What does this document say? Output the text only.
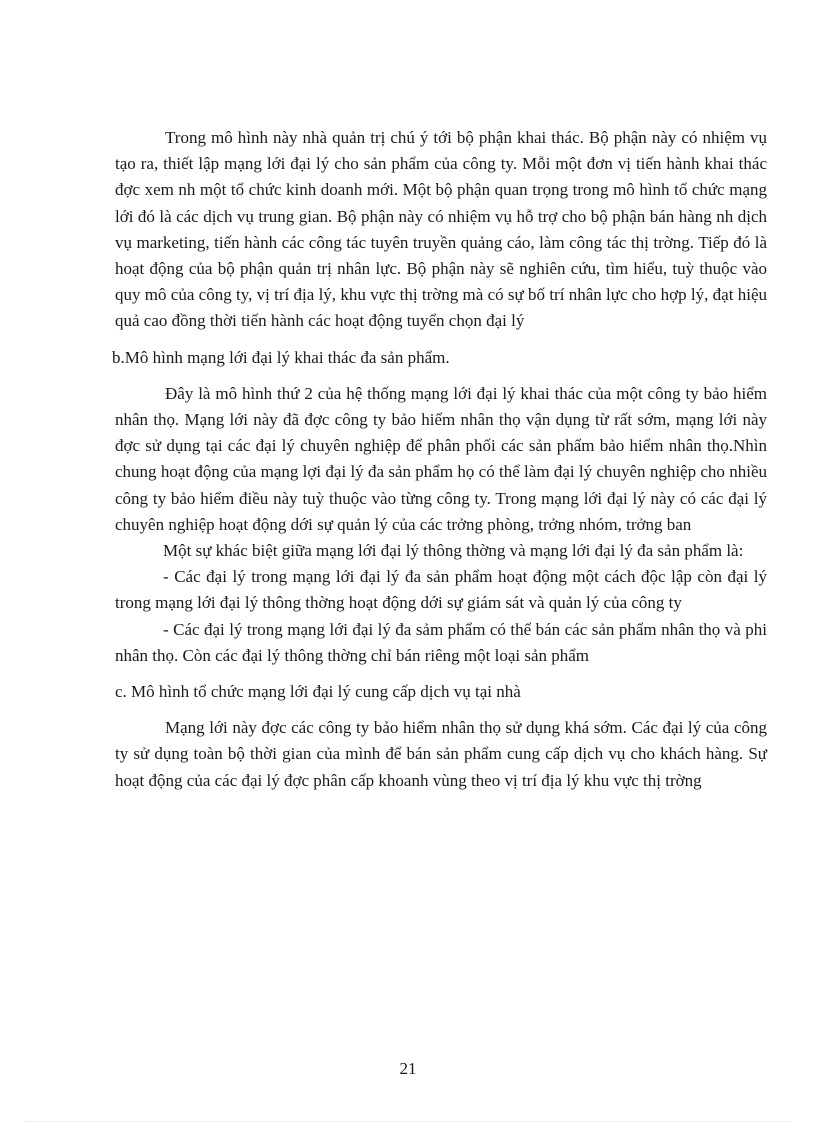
Trong mô hình này nhà quản trị chú ý tới bộ phận khai thác. Bộ phận này có nhiệm vụ tạo ra, thiết lập mạng lới đại lý cho sản phẩm của công ty. Mỗi một đơn vị tiến hành khai thác đợc xem nh một tổ chức kinh doanh mới. Một bộ phận quan trọng trong mô hình tổ chức mạng lới đó là các dịch vụ trung gian. Bộ phận này có nhiệm vụ hỗ trợ cho bộ phận bán hàng nh dịch vụ marketing, tiến hành các công tác tuyên truyền quảng cáo, làm công tác thị trờng. Tiếp đó là hoạt động của bộ phận quản trị nhân lực. Bộ phận này sẽ nghiên cứu, tìm hiểu, tuỳ thuộc vào quy mô của công ty, vị trí địa lý, khu vực thị trờng mà có sự bố trí nhân lực cho hợp lý, đạt hiệu quả cao đồng thời tiến hành các hoạt động tuyển chọn đại lý

b.Mô hình mạng lới đại lý khai thác đa sản phẩm.

Đây là mô hình thứ 2 của hệ thống mạng lới đại lý khai thác của một công ty bảo hiểm nhân thọ. Mạng lới này đã đợc công ty bảo hiểm nhân thọ vận dụng từ rất sớm, mạng lới này đợc sử dụng tại các đại lý chuyên nghiệp để phân phối các sản phẩm bảo hiểm nhân thọ.Nhìn chung hoạt động của mạng lợi đại lý đa sản phẩm họ có thể làm đại lý chuyên nghiệp cho nhiều công ty bảo hiểm điều này tuỳ thuộc vào từng công ty. Trong mạng lới đại lý này có các đại lý chuyên nghiệp hoạt động dới sự quản lý của các trởng phòng, trởng nhóm, trởng ban

Một sự khác biệt giữa mạng lới đại lý thông thờng và mạng lới đại lý đa sản phẩm là:

- Các đại lý trong mạng lới đại lý đa sản phẩm hoạt động một cách độc lập còn đại lý trong mạng lới đại lý thông thờng hoạt động dới sự giám sát và quản lý của công ty

- Các đại lý trong mạng lới đại lý đa sảm phẩm có thể bán các sản phẩm nhân thọ và phi nhân thọ. Còn các đại lý thông thờng chỉ bán riêng một loại sản phẩm

c. Mô hình tổ chức mạng lới đại lý cung cấp dịch vụ tại nhà

Mạng lới này đợc các công ty bảo hiểm nhân thọ sử dụng khá sớm. Các đại lý của công ty sử dụng toàn bộ thời gian của mình để bán sản phẩm cung cấp dịch vụ cho khách hàng. Sự hoạt động của các đại lý đợc phân cấp khoanh vùng theo vị trí địa lý khu vực thị trờng

21
